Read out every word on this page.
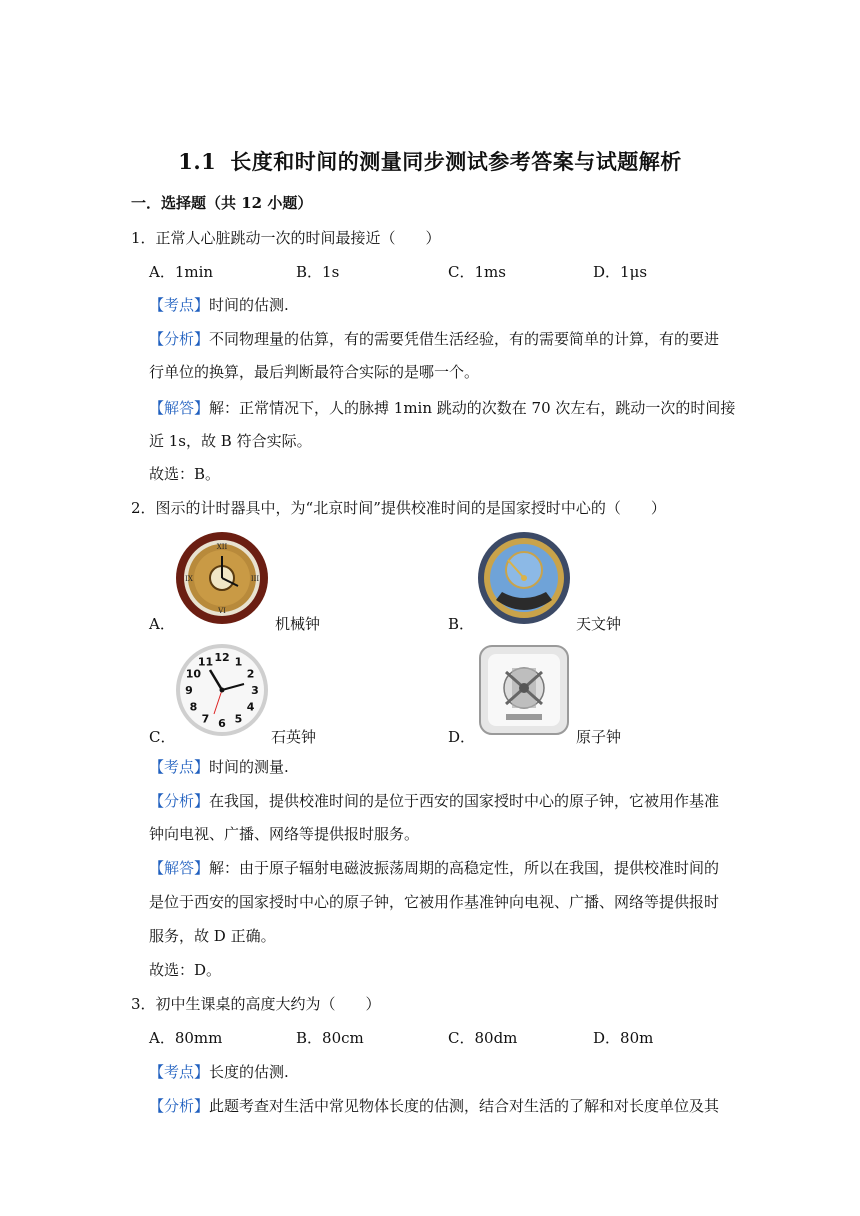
1.1 长度和时间的测量同步测试参考答案与试题解析
一．选择题（共 12 小题）
1．正常人心脏跳动一次的时间最接近（　　）
A．1min	B．1s	C．1ms	D．1μs
【考点】时间的估测.
【分析】不同物理量的估算，有的需要凭借生活经验，有的需要简单的计算，有的要进
行单位的换算，最后判断最符合实际的是哪一个。
【解答】解：正常情况下，人的脉搏 1min 跳动的次数在 70 次左右，跳动一次的时间接
近 1s，故 B 符合实际。
故选：B。
2．图示的计时器具中，为“北京时间”提供校准时间的是国家授时中心的（　　）
XII
VI
IX	III
A．	机械钟	B．	天文钟
12 1
2
3
4
5
6
7
8
9
10
11
C．	石英钟	D．	原子钟
【考点】时间的测量.
【分析】在我国，提供校准时间的是位于西安的国家授时中心的原子钟，它被用作基准
钟向电视、广播、网络等提供报时服务。
【解答】解：由于原子辐射电磁波振荡周期的高稳定性，所以在我国，提供校准时间的
是位于西安的国家授时中心的原子钟，它被用作基准钟向电视、广播、网络等提供报时
服务，故 D 正确。
故选：D。
3．初中生课桌的高度大约为（　　）
A．80mm	B．80cm	C．80dm	D．80m
【考点】长度的估测.
【分析】此题考查对生活中常见物体长度的估测，结合对生活的了解和对长度单位及其
